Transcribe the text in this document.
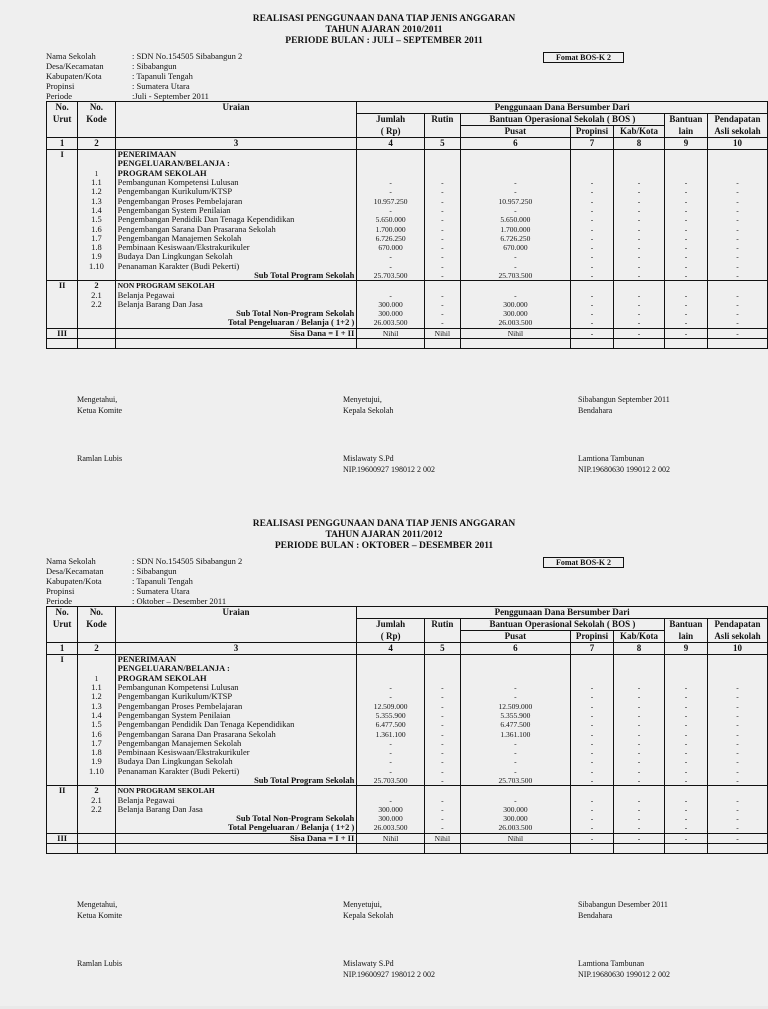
REALISASI PENGGUNAAN DANA TIAP JENIS ANGGARAN
TAHUN AJARAN 2010/2011
PERIODE BULAN : JULI – SEPTEMBER 2011
Nama Sekolah	: SDN No.154505 Sibabangun 2
Desa/Kecamatan	: Sibabangun
Kabupaten/Kota	: Tapanuli Tengah
Propinsi	: Sumatera Utara
Periode	:Juli - September 2011
Fomat BOS-K 2
No.	No.	Uraian	Penggunaan Dana Bersumber Dari						
Urut	Kode		Jumlah	Rutin	Bantuan Operasional Sekolah ( BOS )			Bantuan	Pendapatan
			( Rp)		Pusat	Propinsi	Kab/Kota	lain	Asli sekolah
1	2	3	4	5	6	7	8	9	10
I		PENERIMAAN							
		PENGELUARAN/BELANJA :							
	1	PROGRAM SEKOLAH							
	1.1	Pembangunan Kompetensi Lulusan	-	-	-	-	-	-	-
	1.2	Pengembangan Kurikulum/KTSP	-	-	-	-	-	-	-
	1.3	Pengembangan Proses Pembelajaran	10.957.250	-	10.957.250	-	-	-	-
	1.4	Pengembangan System Penilaian	-	-	-	-	-	-	-
	1.5	Pengembangan Pendidik Dan Tenaga Kependidikan	5.650.000	-	5.650.000	-	-	-	-
	1.6	Pengembangan Sarana Dan Prasarana Sekolah	1.700.000	-	1.700.000	-	-	-	-
	1.7	Pengembangan Manajemen Sekolah	6.726.250	-	6.726.250	-	-	-	-
	1.8	Pembinaan Kesiswaan/Ekstrakurikuler	670.000	-	670.000	-	-	-	-
	1.9	Budaya Dan Lingkungan Sekolah	-	-	-	-	-	-	-
	1.10	Penanaman Karakter (Budi Pekerti)	-	-	-	-	-	-	-
		Sub Total Program Sekolah	25.703.500	-	25.703.500	-	-	-	-
II	2	NON PROGRAM SEKOLAH							
	2.1	Belanja Pegawai	-	-	-	-	-	-	-
	2.2	Belanja Barang Dan Jasa	300.000	-	300.000	-	-	-	-
		Sub Total Non-Program Sekolah	300.000	-	300.000	-	-	-	-
		Total Pengeluaran / Belanja ( 1+2 )	26.003.500	-	26.003.500	-	-	-	-
III		Sisa Dana = I + II	Nihil	Nihil	Nihil	-	-	-	-

Mengetahui,
Ketua Komite
Ramlan Lubis
Menyetujui,
Kepala Sekolah
Mislawaty S.Pd
NIP.19600927 198012 2 002
Sibabangun September 2011
Bendahara
Lamtiona Tambunan
NIP.19680630 199012 2 002
REALISASI PENGGUNAAN DANA TIAP JENIS ANGGARAN
TAHUN AJARAN 2011/2012
PERIODE BULAN : OKTOBER – DESEMBER 2011
Nama Sekolah	: SDN No.154505 Sibabangun 2
Desa/Kecamatan	: Sibabangun
Kabupaten/Kota	: Tapanuli Tengah
Propinsi	: Sumatera Utara
Periode	: Oktober – Desember 2011
Fomat BOS-K 2
No.	No.	Uraian	Penggunaan Dana Bersumber Dari						
Urut	Kode		Jumlah	Rutin	Bantuan Operasional Sekolah ( BOS )			Bantuan	Pendapatan
			( Rp)		Pusat	Propinsi	Kab/Kota	lain	Asli sekolah
1	2	3	4	5	6	7	8	9	10
I		PENERIMAAN							
		PENGELUARAN/BELANJA :							
	1	PROGRAM SEKOLAH							
	1.1	Pembangunan Kompetensi Lulusan	-	-	-	-	-	-	-
	1.2	Pengembangan Kurikulum/KTSP	-	-	-	-	-	-	-
	1.3	Pengembangan Proses Pembelajaran	12.509.000	-	12.509.000	-	-	-	-
	1.4	Pengembangan System Penilaian	5.355.900	-	5.355.900	-	-	-	-
	1.5	Pengembangan Pendidik Dan Tenaga Kependidikan	6.477.500	-	6.477.500	-	-	-	-
	1.6	Pengembangan Sarana Dan Prasarana Sekolah	1.361.100	-	1.361.100	-	-	-	-
	1.7	Pengembangan Manajemen Sekolah	-	-	-	-	-	-	-
	1.8	Pembinaan Kesiswaan/Ekstrakurikuler	-	-	-	-	-	-	-
	1.9	Budaya Dan Lingkungan Sekolah	-	-	-	-	-	-	-
	1.10	Penanaman Karakter (Budi Pekerti)	-	-	-	-	-	-	-
		Sub Total Program Sekolah	25.703.500	-	25.703.500	-	-	-	-
II	2	NON PROGRAM SEKOLAH							
	2.1	Belanja Pegawai	-	-	-	-	-	-	-
	2.2	Belanja Barang Dan Jasa	300.000	-	300.000	-	-	-	-
		Sub Total Non-Program Sekolah	300.000	-	300.000	-	-	-	-
		Total Pengeluaran / Belanja ( 1+2 )	26.003.500	-	26.003.500	-	-	-	-
III		Sisa Dana = I + II	Nihil	Nihil	Nihil	-	-	-	-

Mengetahui,
Ketua Komite
Ramlan Lubis
Menyetujui,
Kepala Sekolah
Mislawaty S.Pd
NIP.19600927 198012 2 002
Sibabangun Desember 2011
Bendahara
Lamtiona Tambunan
NIP.19680630 199012 2 002
